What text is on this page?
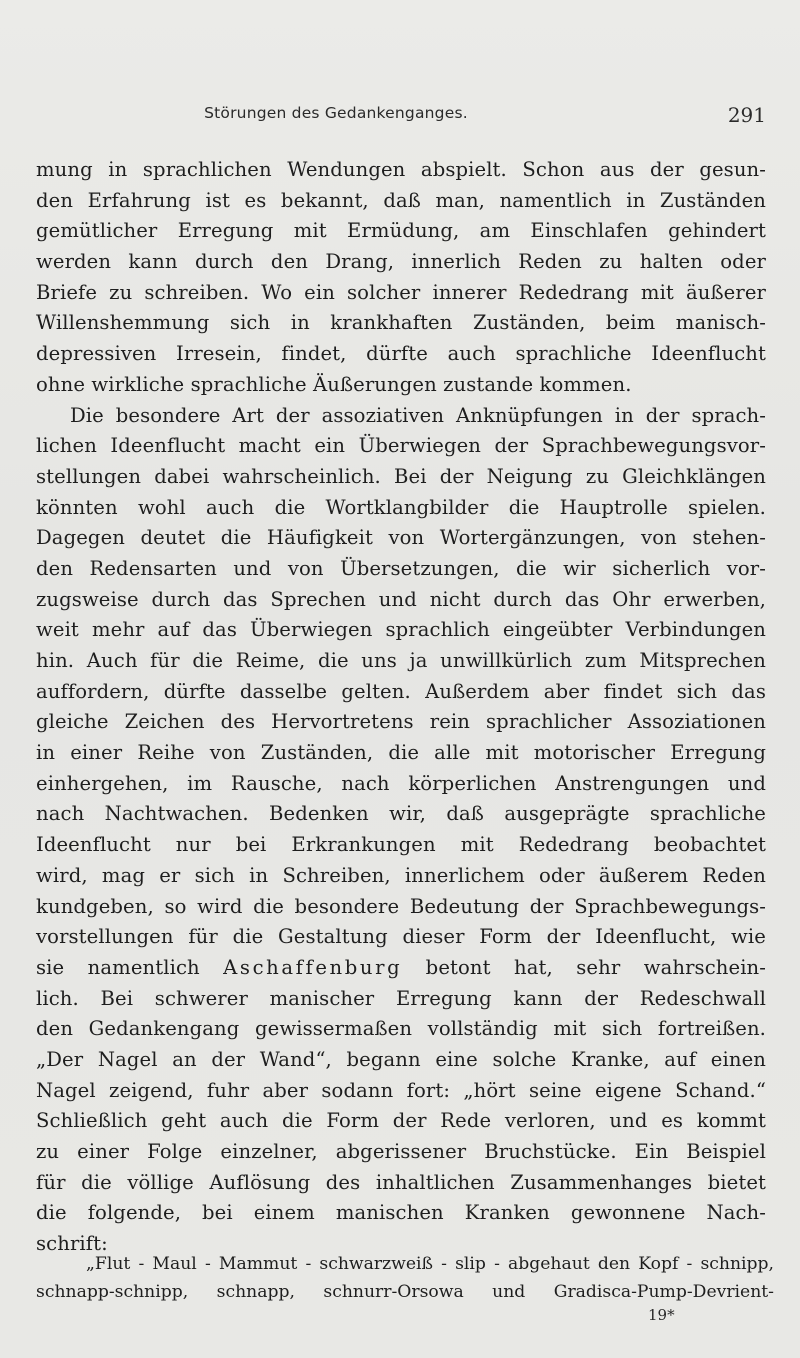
Störungen des Gedankenganges.	291
mung in sprachlichen Wendungen abspielt. Schon aus der gesun-
den Erfahrung ist es bekannt, daß man, namentlich in Zuständen
gemütlicher Erregung mit Ermüdung, am Einschlafen gehindert
werden kann durch den Drang, innerlich Reden zu halten oder
Briefe zu schreiben. Wo ein solcher innerer Rededrang mit äußerer
Willenshemmung sich in krankhaften Zuständen, beim manisch-
depressiven Irresein, findet, dürfte auch sprachliche Ideenflucht
ohne wirkliche sprachliche Äußerungen zustande kommen.
Die besondere Art der assoziativen Anknüpfungen in der sprach-
lichen Ideenflucht macht ein Überwiegen der Sprachbewegungsvor-
stellungen dabei wahrscheinlich. Bei der Neigung zu Gleichklängen
könnten wohl auch die Wortklangbilder die Hauptrolle spielen.
Dagegen deutet die Häufigkeit von Wortergänzungen, von stehen-
den Redensarten und von Übersetzungen, die wir sicherlich vor-
zugsweise durch das Sprechen und nicht durch das Ohr erwerben,
weit mehr auf das Überwiegen sprachlich eingeübter Verbindungen
hin. Auch für die Reime, die uns ja unwillkürlich zum Mitsprechen
auffordern, dürfte dasselbe gelten. Außerdem aber findet sich das
gleiche Zeichen des Hervortretens rein sprachlicher Assoziationen
in einer Reihe von Zuständen, die alle mit motorischer Erregung
einhergehen, im Rausche, nach körperlichen Anstrengungen und
nach Nachtwachen. Bedenken wir, daß ausgeprägte sprachliche
Ideenflucht nur bei Erkrankungen mit Rededrang beobachtet
wird, mag er sich in Schreiben, innerlichem oder äußerem Reden
kundgeben, so wird die besondere Bedeutung der Sprachbewegungs-
vorstellungen für die Gestaltung dieser Form der Ideenflucht, wie
sie namentlich Aschaffenburg betont hat, sehr wahrschein-
lich. Bei schwerer manischer Erregung kann der Redeschwall
den Gedankengang gewissermaßen vollständig mit sich fortreißen.
„Der Nagel an der Wand“, begann eine solche Kranke, auf einen
Nagel zeigend, fuhr aber sodann fort: „hört seine eigene Schand.“
Schließlich geht auch die Form der Rede verloren, und es kommt
zu einer Folge einzelner, abgerissener Bruchstücke. Ein Beispiel
für die völlige Auflösung des inhaltlichen Zusammenhanges bietet
die folgende, bei einem manischen Kranken gewonnene Nach-
schrift:
„Flut - Maul - Mammut - schwarzweiß - slip - abgehaut den Kopf - schnipp,
schnapp-schnipp, schnapp, schnurr-Orsowa und Gradisca-Pump-Devrient-
19*
